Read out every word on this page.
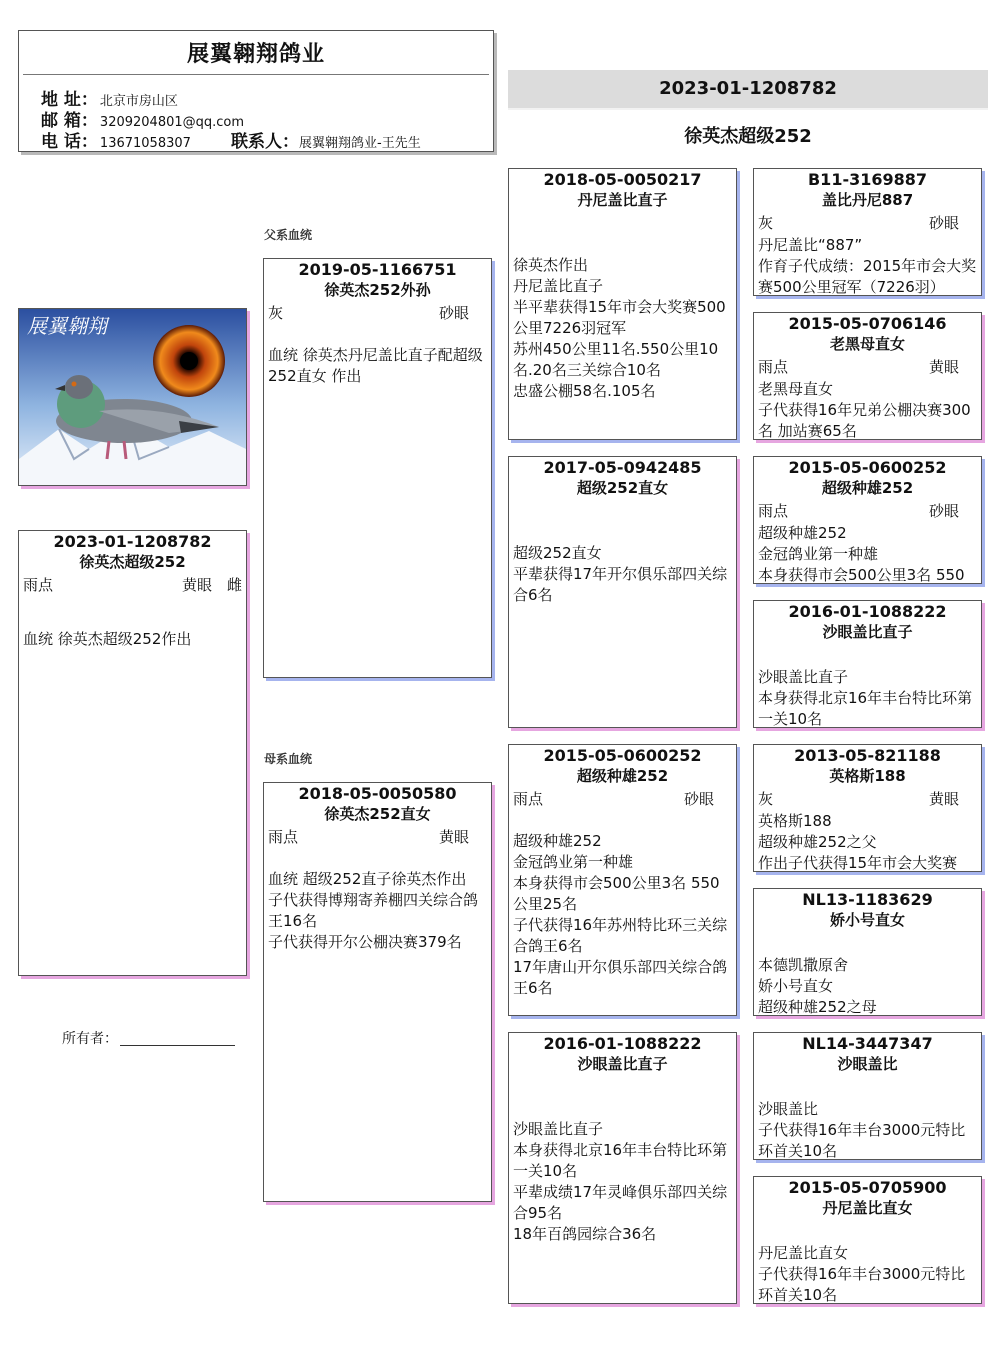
展翼翱翔鸽业
地 址： 北京市房山区
邮 箱： 3209204801@qq.com
电 话： 13671058307 联系人：展翼翱翔鸽业-王先生
2023-01-1208782
徐英杰超级252
展翼翱翔
父系血统
母系血统
2023-01-1208782
徐英杰超级252
雨点	黄眼 雌
血统 徐英杰超级252作出
所有者：
2019-05-1166751
徐英杰252外孙
灰	砂眼
血统 徐英杰丹尼盖比直子配超级252直女 作出
2018-05-0050580
徐英杰252直女
雨点	黄眼
血统 超级252直子徐英杰作出
子代获得博翔寄养棚四关综合鸽王16名
子代获得开尔公棚决赛379名
2018-05-0050217
丹尼盖比直子
徐英杰作出
丹尼盖比直子
半平辈获得15年市会大奖赛500公里7226羽冠军
苏州450公里11名.550公里10名.20名三关综合10名
忠盛公棚58名.105名
2017-05-0942485
超级252直女
超级252直女
平辈获得17年开尔俱乐部四关综合6名
2015-05-0600252
超级种雄252
雨点	砂眼
超级种雄252
金冠鸽业第一种雄
本身获得市会500公里3名 550公里25名
子代获得16年苏州特比环三关综合鸽王6名
17年唐山开尔俱乐部四关综合鸽王6名
2016-01-1088222
沙眼盖比直子
沙眼盖比直子
本身获得北京16年丰台特比环第一关10名
平辈成绩17年灵峰俱乐部四关综合95名
18年百鸽园综合36名
B11-3169887
盖比丹尼887
灰	砂眼
丹尼盖比“887”
作育子代成绩：2015年市会大奖赛500公里冠军（7226羽）
2015-05-0706146
老黑母直女
雨点	黄眼
老黑母直女
子代获得16年兄弟公棚决赛300名 加站赛65名
2015-05-0600252
超级种雄252
雨点	砂眼
超级种雄252
金冠鸽业第一种雄
本身获得市会500公里3名 550
2016-01-1088222
沙眼盖比直子
沙眼盖比直子
本身获得北京16年丰台特比环第一关10名
2013-05-821188
英格斯188
灰	黄眼
英格斯188
超级种雄252之父
作出子代获得15年市会大奖赛
NL13-1183629
娇小号直女
本德凯撒原舍
娇小号直女
超级种雄252之母
NL14-3447347
沙眼盖比
沙眼盖比
子代获得16年丰台3000元特比环首关10名
2015-05-0705900
丹尼盖比直女
丹尼盖比直女
子代获得16年丰台3000元特比环首关10名
